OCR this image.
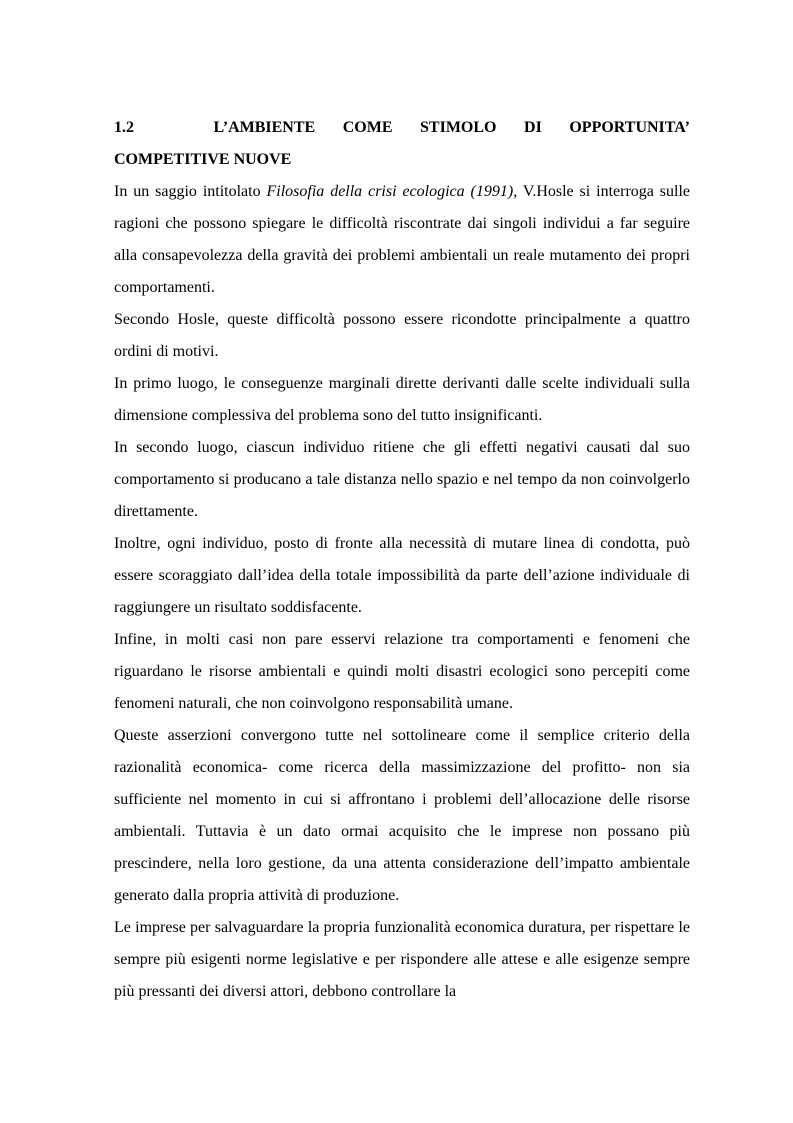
1.2	L’AMBIENTE COME STIMOLO DI OPPORTUNITA’
COMPETITIVE NUOVE

In un saggio intitolato Filosofia della crisi ecologica (1991), V.Hosle si interroga sulle ragioni che possono spiegare le difficoltà riscontrate dai singoli individui a far seguire alla consapevolezza della gravità dei problemi ambientali un reale mutamento dei propri comportamenti.

Secondo Hosle, queste difficoltà possono essere ricondotte principalmente a quattro ordini di motivi.

In primo luogo, le conseguenze marginali dirette derivanti dalle scelte individuali sulla dimensione complessiva del problema sono del tutto insignificanti.

In secondo luogo, ciascun individuo ritiene che gli effetti negativi causati dal suo comportamento si producano a tale distanza nello spazio e nel tempo da non coinvolgerlo direttamente.

Inoltre, ogni individuo, posto di fronte alla necessità di mutare linea di condotta, può essere scoraggiato dall’idea della totale impossibilità da parte dell’azione individuale di raggiungere un risultato soddisfacente.

Infine, in molti casi non pare esservi relazione tra comportamenti e fenomeni che riguardano le risorse ambientali e quindi molti disastri ecologici sono percepiti come fenomeni naturali, che non coinvolgono responsabilità umane.

Queste asserzioni convergono tutte nel sottolineare come il semplice criterio della razionalità economica- come ricerca della massimizzazione del profitto- non sia sufficiente nel momento in cui si affrontano i problemi dell’allocazione delle risorse ambientali. Tuttavia è un dato ormai acquisito che le imprese non possano più prescindere, nella loro gestione, da una attenta considerazione dell’impatto ambientale generato dalla propria attività di produzione.

Le imprese per salvaguardare la propria funzionalità economica duratura, per rispettare le sempre più esigenti norme legislative e per rispondere alle attese e alle esigenze sempre più pressanti dei diversi attori, debbono controllare la
